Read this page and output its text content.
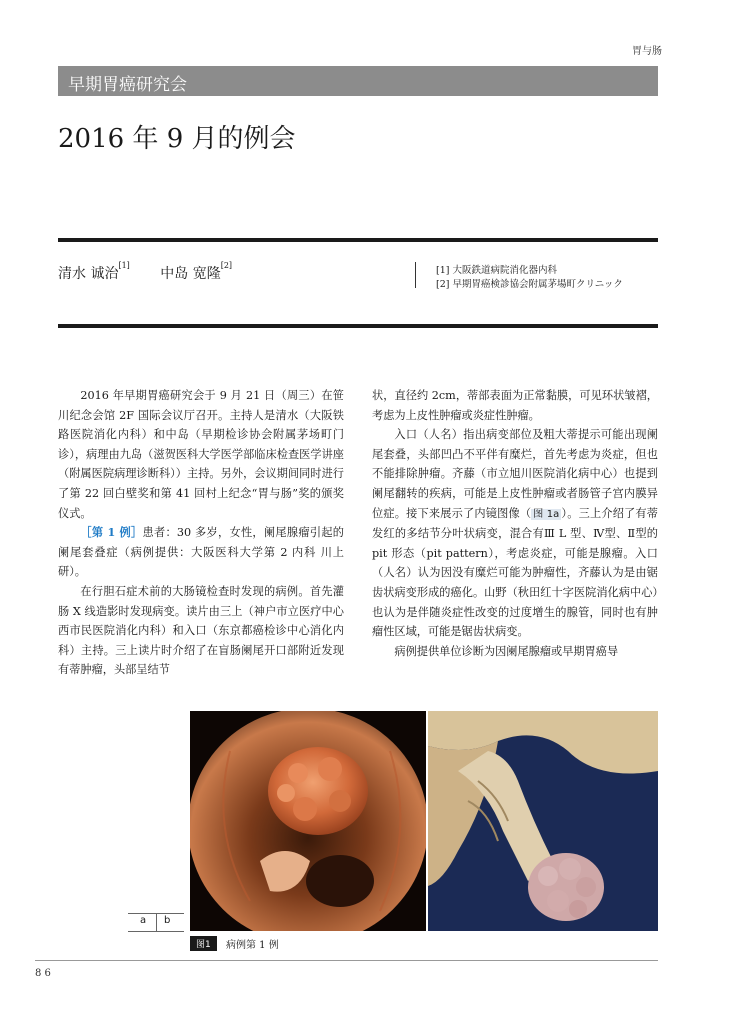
胃与肠
早期胃癌研究会
2016 年 9 月的例会
清水 诚治[1] 中岛 宽隆[2]	[1] 大阪鉄道病院消化器内科
[2] 早期胃癌検診協会附属茅場町クリニック

2016 年早期胃癌研究会于 9 月 21 日（周三）在笹川纪念会馆 2F 国际会议厅召开。主持人是清水（大阪铁路医院消化内科）和中岛（早期检诊协会附属茅场町门诊），病理由九岛（滋贺医科大学医学部临床检查医学讲座（附属医院病理诊断科））主持。另外，会议期间同时进行了第 22 回白壁奖和第 41 回村上纪念“胃与肠”奖的颁奖仪式。

［第 1 例］患者：30 多岁，女性，阑尾腺瘤引起的阑尾套叠症（病例提供：大阪医科大学第 2 内科 川上 研）。

在行胆石症术前的大肠镜检查时发现的病例。首先灌肠 X 线造影时发现病变。读片由三上（神户市立医疗中心西市民医院消化内科）和入口（东京都癌检诊中心消化内科）主持。三上读片时介绍了在盲肠阑尾开口部附近发现有蒂肿瘤，头部呈结节

状，直径约 2cm，蒂部表面为正常黏膜，可见环状皱褶，考虑为上皮性肿瘤或炎症性肿瘤。

入口（人名）指出病变部位及粗大蒂提示可能出现阑尾套叠，头部凹凸不平伴有糜烂，首先考虑为炎症，但也不能排除肿瘤。齐藤（市立旭川医院消化病中心）也提到阑尾翻转的疾病，可能是上皮性肿瘤或者肠管子宫内膜异位症。接下来展示了内镜图像（ 图 1a ）。三上介绍了有蒂发红的多结节分叶状病变，混合有Ⅲ L 型、Ⅳ型、Ⅱ型的 pit 形态（pit pattern），考虑炎症，可能是腺瘤。入口（人名）认为因没有糜烂可能为肿瘤性，齐藤认为是由锯齿状病变形成的癌化。山野（秋田红十字医院消化病中心）也认为是伴随炎症性改变的过度增生的腺管，同时也有肿瘤性区域，可能是锯齿状病变。

病例提供单位诊断为因阑尾腺瘤或早期胃癌导

a b
图1	病例第 1 例
8 6
